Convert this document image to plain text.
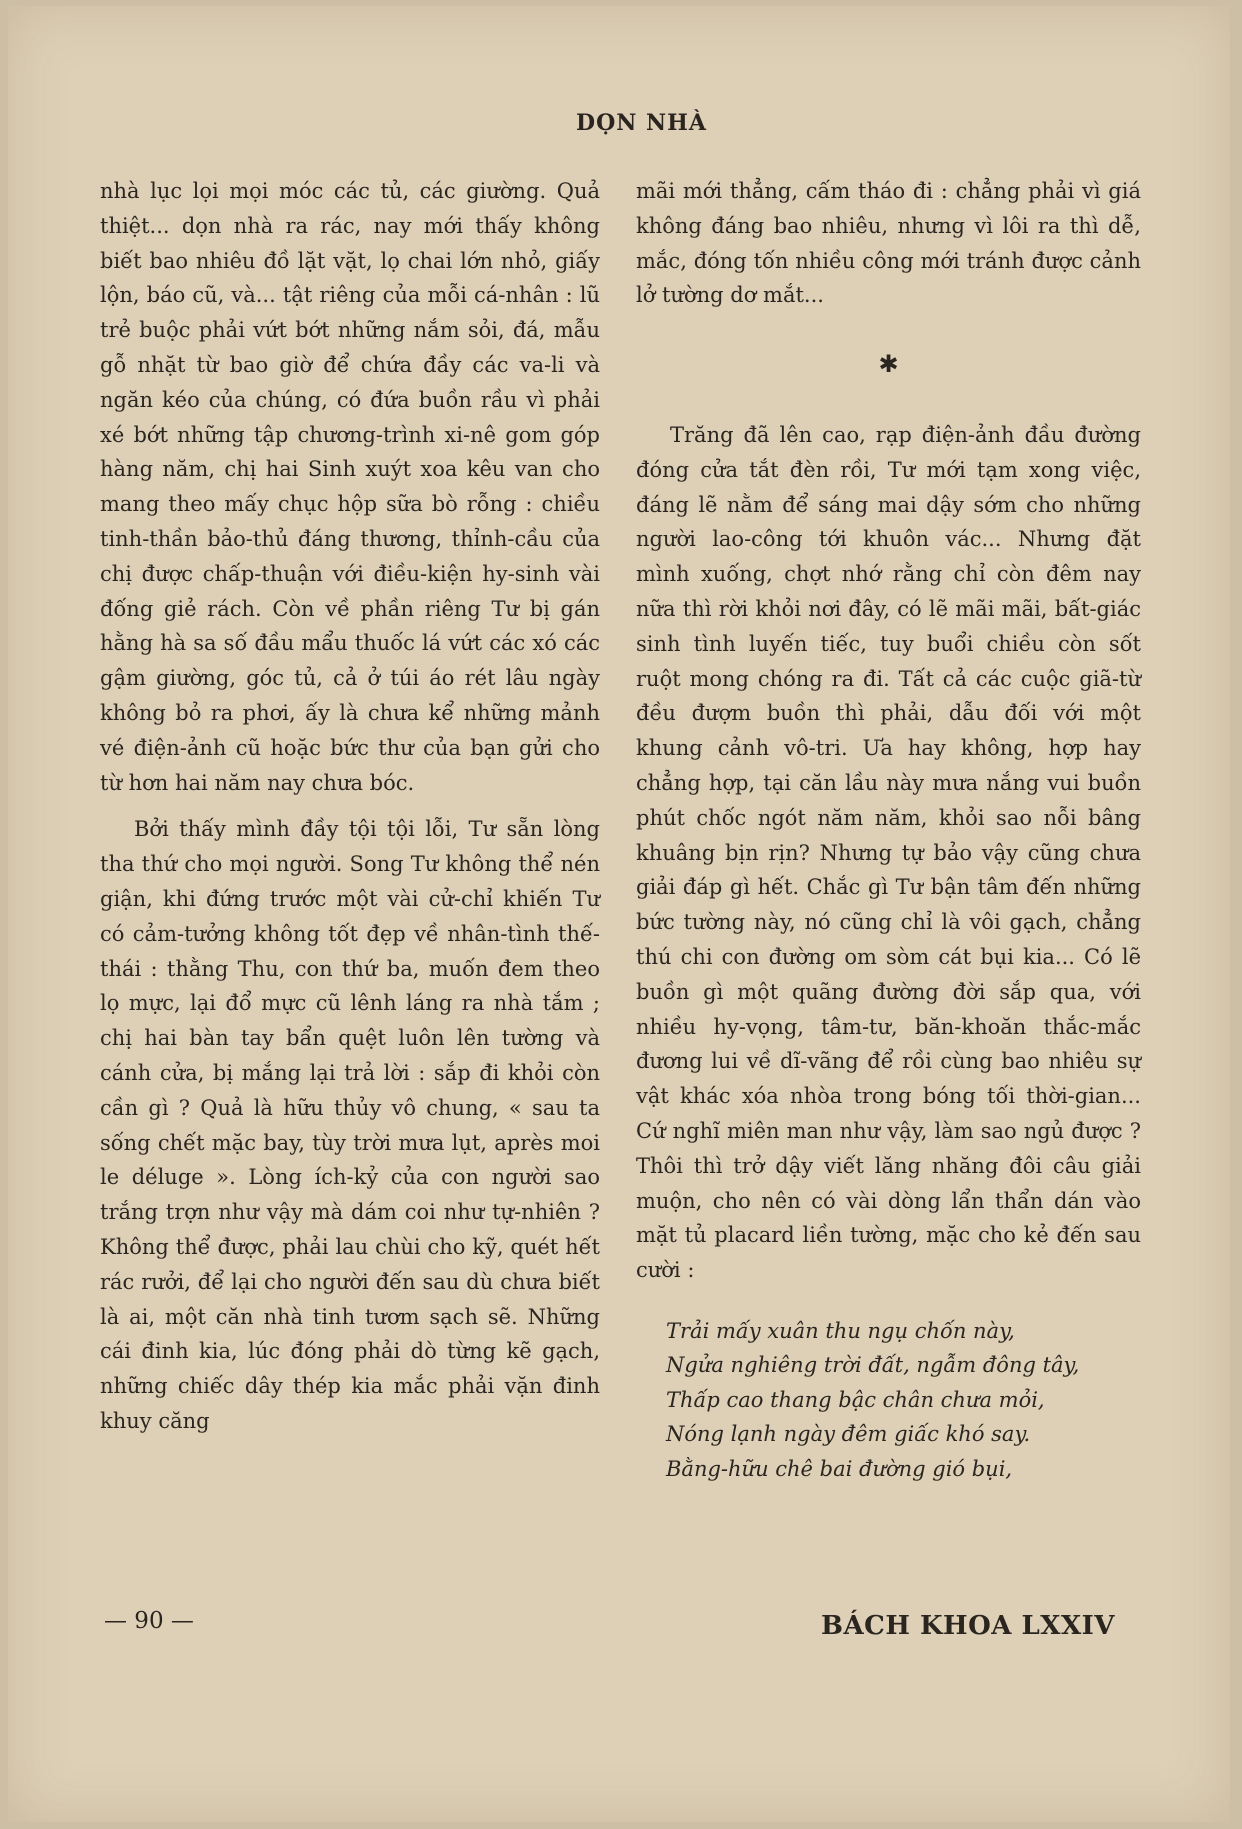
DỌN NHÀ

nhà lục lọi mọi móc các tủ, các giường. Quả thiệt... dọn nhà ra rác, nay mới thấy không biết bao nhiêu đồ lặt vặt, lọ chai lớn nhỏ, giấy lộn, báo cũ, và... tật riêng của mỗi cá-nhân : lũ trẻ buộc phải vứt bớt những nắm sỏi, đá, mẫu gỗ nhặt từ bao giờ để chứa đầy các va-li và ngăn kéo của chúng, có đứa buồn rầu vì phải xé bớt những tập chương-trình xi-nê gom góp hàng năm, chị hai Sinh xuýt xoa kêu van cho mang theo mấy chục hộp sữa bò rỗng : chiều tinh-thần bảo-thủ đáng thương, thỉnh-cầu của chị được chấp-thuận với điều-kiện hy-sinh vài đống giẻ rách. Còn về phần riêng Tư bị gán hằng hà sa số đầu mẩu thuốc lá vứt các xó các gậm giường, góc tủ, cả ở túi áo rét lâu ngày không bỏ ra phơi, ấy là chưa kể những mảnh vé điện-ảnh cũ hoặc bức thư của bạn gửi cho từ hơn hai năm nay chưa bóc.

Bởi thấy mình đầy tội tội lỗi, Tư sẵn lòng tha thứ cho mọi người. Song Tư không thể nén giận, khi đứng trước một vài cử-chỉ khiến Tư có cảm-tưởng không tốt đẹp về nhân-tình thế-thái : thằng Thu, con thứ ba, muốn đem theo lọ mực, lại đổ mực cũ lênh láng ra nhà tắm ; chị hai bàn tay bẩn quệt luôn lên tường và cánh cửa, bị mắng lại trả lời : sắp đi khỏi còn cần gì ? Quả là hữu thủy vô chung, « sau ta sống chết mặc bay, tùy trời mưa lụt, après moi le déluge ». Lòng ích-kỷ của con người sao trắng trợn như vậy mà dám coi như tự-nhiên ? Không thể được, phải lau chùi cho kỹ, quét hết rác rưởi, để lại cho người đến sau dù chưa biết là ai, một căn nhà tinh tươm sạch sẽ. Những cái đinh kia, lúc đóng phải dò từng kẽ gạch, những chiếc dây thép kia mắc phải vặn đinh khuy căng

mãi mới thẳng, cấm tháo đi : chẳng phải vì giá không đáng bao nhiêu, nhưng vì lôi ra thì dễ, mắc, đóng tốn nhiều công mới tránh được cảnh lở tường dơ mắt...

✱

Trăng đã lên cao, rạp điện-ảnh đầu đường đóng cửa tắt đèn rồi, Tư mới tạm xong việc, đáng lẽ nằm để sáng mai dậy sớm cho những người lao-công tới khuôn vác... Nhưng đặt mình xuống, chợt nhớ rằng chỉ còn đêm nay nữa thì rời khỏi nơi đây, có lẽ mãi mãi, bất-giác sinh tình luyến tiếc, tuy buổi chiều còn sốt ruột mong chóng ra đi. Tất cả các cuộc giã-từ đều đượm buồn thì phải, dẫu đối với một khung cảnh vô-tri. Ưa hay không, hợp hay chẳng hợp, tại căn lầu này mưa nắng vui buồn phút chốc ngót năm năm, khỏi sao nỗi bâng khuâng bịn rịn? Nhưng tự bảo vậy cũng chưa giải đáp gì hết. Chắc gì Tư bận tâm đến những bức tường này, nó cũng chỉ là vôi gạch, chẳng thú chi con đường om sòm cát bụi kia... Có lẽ buồn gì một quãng đường đời sắp qua, với nhiều hy-vọng, tâm-tư, băn-khoăn thắc-mắc đương lui về dĩ-vãng để rồi cùng bao nhiêu sự vật khác xóa nhòa trong bóng tối thời-gian... Cứ nghĩ miên man như vậy, làm sao ngủ được ? Thôi thì trở dậy viết lăng nhăng đôi câu giải muộn, cho nên có vài dòng lẩn thẩn dán vào mặt tủ placard liền tường, mặc cho kẻ đến sau cười :

Trải mấy xuân thu ngụ chốn này,
Ngửa nghiêng trời đất, ngẫm đông tây,
Thấp cao thang bậc chân chưa mỏi,
Nóng lạnh ngày đêm giấc khó say.
Bằng-hữu chê bai đường gió bụi,
— 90 —	BÁCH KHOA LXXIV
